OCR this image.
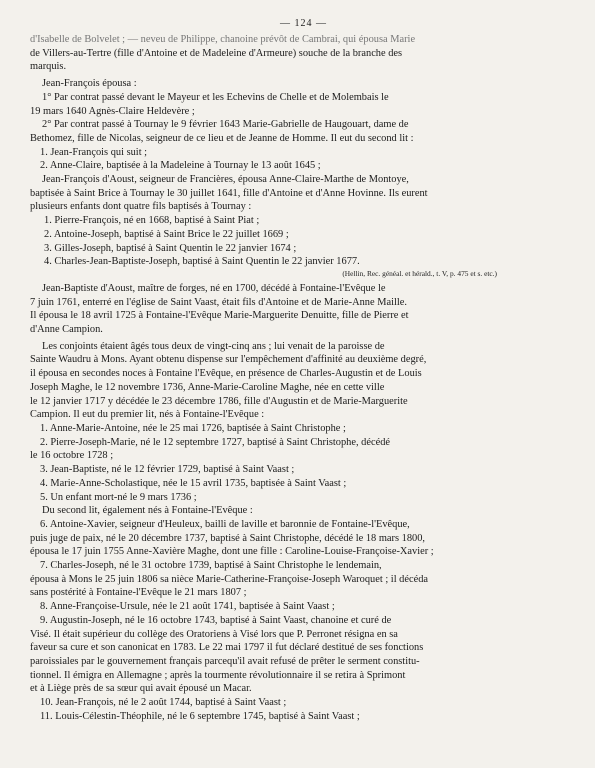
— 124 —

d'Isabelle de Bolvelet ; — neveu de Philippe, chanoine prévôt de Cambrai, qui épousa Marie

de Villers-au-Tertre (fille d'Antoine et de Madeleine d'Armeure) souche de la branche des

marquis.

Jean-François épousa :

1° Par contrat passé devant le Mayeur et les Echevins de Chelle et de Molembais le

19 mars 1640 Agnès-Claire Heldevère ;

2° Par contrat passé à Tournay le 9 février 1643 Marie-Gabrielle de Haugouart, dame de

Bethomez, fille de Nicolas, seigneur de ce lieu et de Jeanne de Homme. Il eut du second lit :

1. Jean-François qui suit ;

2. Anne-Claire, baptisée à la Madeleine à Tournay le 13 août 1645 ;

Jean-François d'Aoust, seigneur de Francières, épousa Anne-Claire-Marthe de Montoye,

baptisée à Saint Brice à Tournay le 30 juillet 1641, fille d'Antoine et d'Anne Hovinne. Ils eurent

plusieurs enfants dont quatre fils baptisés à Tournay :

1. Pierre-François, né en 1668, baptisé à Saint Piat ;

2. Antoine-Joseph, baptisé à Saint Brice le 22 juillet 1669 ;

3. Gilles-Joseph, baptisé à Saint Quentin le 22 janvier 1674 ;

4. Charles-Jean-Baptiste-Joseph, baptisé à Saint Quentin le 22 janvier 1677.

(Hellin, Rec. généal. et hérald., t. V, p. 475 et s. etc.)

Jean-Baptiste d'Aoust, maître de forges, né en 1700, décédé à Fontaine-l'Evêque le

7 juin 1761, enterré en l'église de Saint Vaast, était fils d'Antoine et de Marie-Anne Maille.

Il épousa le 18 avril 1725 à Fontaine-l'Evêque Marie-Marguerite Denuitte, fille de Pierre et

d'Anne Campion.

Les conjoints étaient âgés tous deux de vingt-cinq ans ; lui venait de la paroisse de

Sainte Waudru à Mons. Ayant obtenu dispense sur l'empêchement d'affinité au deuxième degré,

il épousa en secondes noces à Fontaine l'Evêque, en présence de Charles-Augustin et de Louis

Joseph Maghe, le 12 novembre 1736, Anne-Marie-Caroline Maghe, née en cette ville

le 12 janvier 1717 y décédée le 23 décembre 1786, fille d'Augustin et de Marie-Marguerite

Campion. Il eut du premier lit, nés à Fontaine-l'Evêque :

1. Anne-Marie-Antoine, née le 25 mai 1726, baptisée à Saint Christophe ;

2. Pierre-Joseph-Marie, né le 12 septembre 1727, baptisé à Saint Christophe, décédé

le 16 octobre 1728 ;

3. Jean-Baptiste, né le 12 février 1729, baptisé à Saint Vaast ;

4. Marie-Anne-Scholastique, née le 15 avril 1735, baptisée à Saint Vaast ;

5. Un enfant mort-né le 9 mars 1736 ;

Du second lit, également nés à Fontaine-l'Evêque :

6. Antoine-Xavier, seigneur d'Heuleux, bailli de laville et baronnie de Fontaine-l'Evêque,

puis juge de paix, né le 20 décembre 1737, baptisé à Saint Christophe, décédé le 18 mars 1800,

épousa le 17 juin 1755 Anne-Xavière Maghe, dont une fille : Caroline-Louise-Françoise-Xavier ;

7. Charles-Joseph, né le 31 octobre 1739, baptisé à Saint Christophe le lendemain,

épousa à Mons le 25 juin 1806 sa nièce Marie-Catherine-Françoise-Joseph Waroquet ; il décéda

sans postérité à Fontaine-l'Evêque le 21 mars 1807 ;

8. Anne-Françoise-Ursule, née le 21 août 1741, baptisée à Saint Vaast ;

9. Augustin-Joseph, né le 16 octobre 1743, baptisé à Saint Vaast, chanoine et curé de

Visé. Il était supérieur du collège des Oratoriens à Visé lors que P. Perronet résigna en sa

faveur sa cure et son canonicat en 1783. Le 22 mai 1797 il fut déclaré destitué de ses fonctions

paroissiales par le gouvernement français parcequ'il avait refusé de prêter le serment constitu-

tionnel. Il émigra en Allemagne ; après la tourmente révolutionnaire il se retira à Sprimont

et à Liège près de sa sœur qui avait épousé un Macar.

10. Jean-François, né le 2 août 1744, baptisé à Saint Vaast ;

11. Louis-Célestin-Théophile, né le 6 septembre 1745, baptisé à Saint Vaast ;
